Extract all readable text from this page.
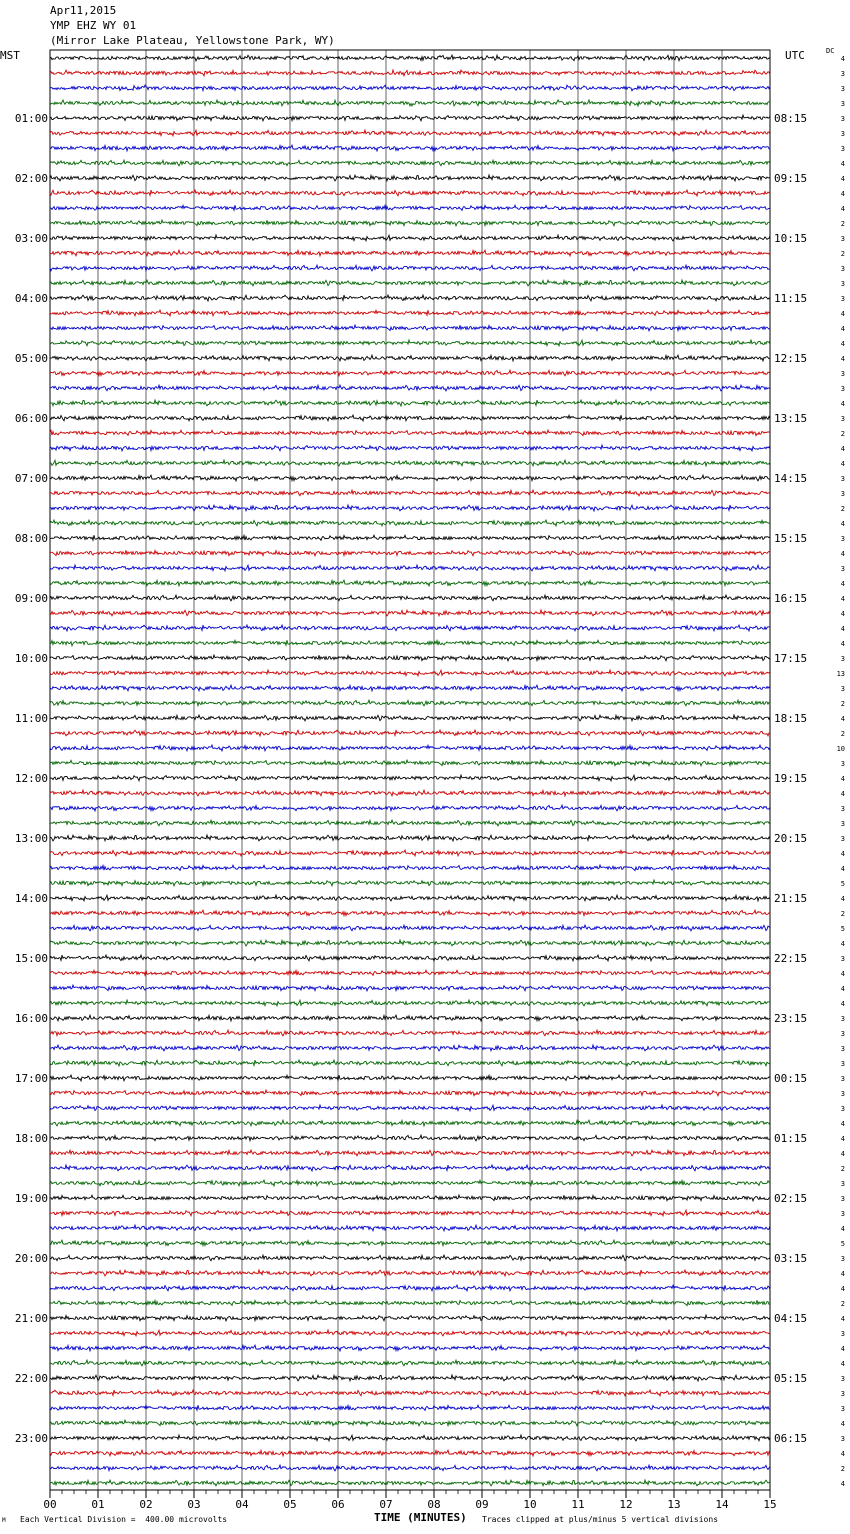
Apr11,2015
YMP EHZ WY 01
(Mirror Lake Plateau, Yellowstone Park, WY)
MST	UTC	DC
01:00	08:15
02:00	09:15
03:00	10:15
04:00	11:15
05:00	12:15
06:00	13:15
07:00	14:15
08:00	15:15
09:00	16:15
10:00	17:15
11:00	18:15
12:00	19:15
13:00	20:15
14:00	21:15
15:00	22:15
16:00	23:15
17:00	00:15
18:00	01:15
19:00	02:15
20:00	03:15
21:00	04:15
22:00	05:15
23:00	06:15
4
3
3
3
3
3
3
4
4
4
4
2
3
2
3
3
3
4
4
4
4
3
3
4
3
2
4
4
3
3
2
4
3
4
3
4
4
4
4
4
3
13
3
2
4
2
10
3
4
4
3
3
3
4
4
5
4
2
5
4
3
4
4
4
3
3
3
3
3
3
3
4
4
4
2
3
3
3
4
5
3
4
4
2
4
3
4
4
3
3
3
4
3
4
2
4
00	01	02	03	04	05	06	07	08	09	10	11	12	13	14	15
M Each Vertical Division =  400.00 microvolts	TIME (MINUTES) Traces clipped at plus/minus 5 vertical divisions
